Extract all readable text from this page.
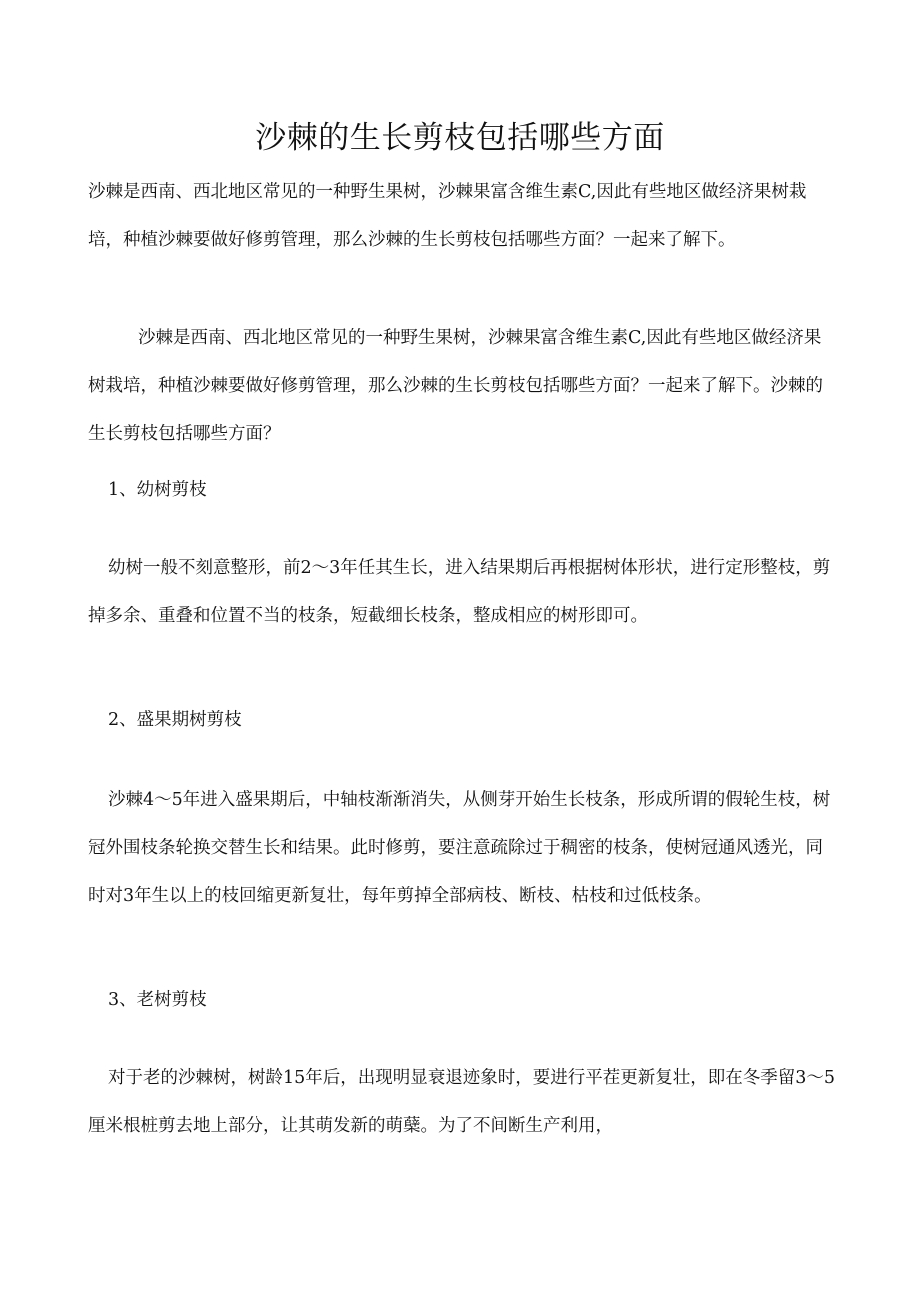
沙棘的生长剪枝包括哪些方面

沙棘是西南、西北地区常见的一种野生果树，沙棘果富含维生素C,因此有些地区做经济果树栽培，种植沙棘要做好修剪管理，那么沙棘的生长剪枝包括哪些方面？一起来了解下。

沙棘是西南、西北地区常见的一种野生果树，沙棘果富含维生素C,因此有些地区做经济果树栽培，种植沙棘要做好修剪管理，那么沙棘的生长剪枝包括哪些方面？一起来了解下。沙棘的生长剪枝包括哪些方面？

1、幼树剪枝

幼树一般不刻意整形，前2～3年任其生长，进入结果期后再根据树体形状，进行定形整枝，剪掉多余、重叠和位置不当的枝条，短截细长枝条，整成相应的树形即可。

2、盛果期树剪枝

沙棘4～5年进入盛果期后，中轴枝渐渐消失，从侧芽开始生长枝条，形成所谓的假轮生枝，树冠外围枝条轮换交替生长和结果。此时修剪，要注意疏除过于稠密的枝条，使树冠通风透光，同时对3年生以上的枝回缩更新复壮，每年剪掉全部病枝、断枝、枯枝和过低枝条。

3、老树剪枝

对于老的沙棘树，树龄15年后，出现明显衰退迹象时，要进行平茬更新复壮，即在冬季留3～5厘米根桩剪去地上部分，让其萌发新的萌蘖。为了不间断生产利用，
